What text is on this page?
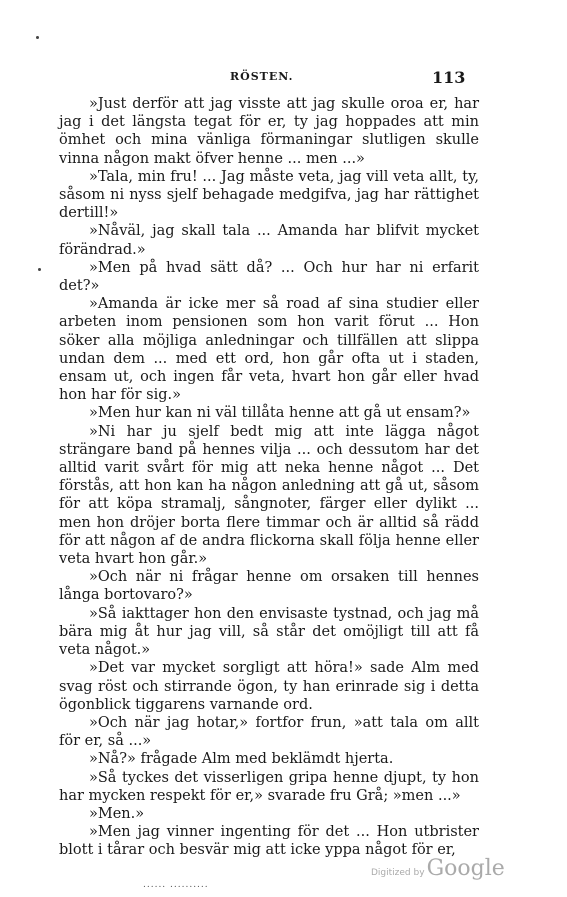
RÖSTEN.	113

»Just derför att jag visste att jag skulle oroa er, har jag i det längsta tegat för er, ty jag hoppades att min ömhet och mina vänliga förmaningar slutligen skulle vinna någon makt öfver henne ... men ...»

»Tala, min fru! ... Jag måste veta, jag vill veta allt, ty, såsom ni nyss sjelf behagade medgifva, jag har rättighet dertill!»

»Nåväl, jag skall tala ... Amanda har blifvit mycket förändrad.»

»Men på hvad sätt då? ... Och hur har ni erfarit det?»

»Amanda är icke mer så road af sina studier eller arbeten inom pensionen som hon varit förut ... Hon söker alla möjliga anledningar och tillfällen att slippa undan dem ... med ett ord, hon går ofta ut i staden, ensam ut, och ingen får veta, hvart hon går eller hvad hon har för sig.»

»Men hur kan ni väl tillåta henne att gå ut ensam?»

»Ni har ju sjelf bedt mig att inte lägga något strängare band på hennes vilja ... och dessutom har det alltid varit svårt för mig att neka henne något ... Det förstås, att hon kan ha någon anledning att gå ut, såsom för att köpa stramalj, sångnoter, färger eller dylikt ... men hon dröjer borta flere timmar och är alltid så rädd för att någon af de andra flickorna skall följa henne eller veta hvart hon går.»

»Och när ni frågar henne om orsaken till hennes långa bortovaro?»

»Så iakttager hon den envisaste tystnad, och jag må bära mig åt hur jag vill, så står det omöjligt till att få veta något.»

»Det var mycket sorgligt att höra!» sade Alm med svag röst och stirrande ögon, ty han erinrade sig i detta ögonblick tiggarens varnande ord.

»Och när jag hotar,» fortfor frun, »att tala om allt för er, så ...»

»Nå?» frågade Alm med beklämdt hjerta.

»Så tyckes det visserligen gripa henne djupt, ty hon har mycken respekt för er,» svarade fru Grå; »men ...»

»Men.»

»Men jag vinner ingenting för det ... Hon utbrister blott i tårar och besvär mig att icke yppa något för er,

Digitized byGoogle
...... ..........
